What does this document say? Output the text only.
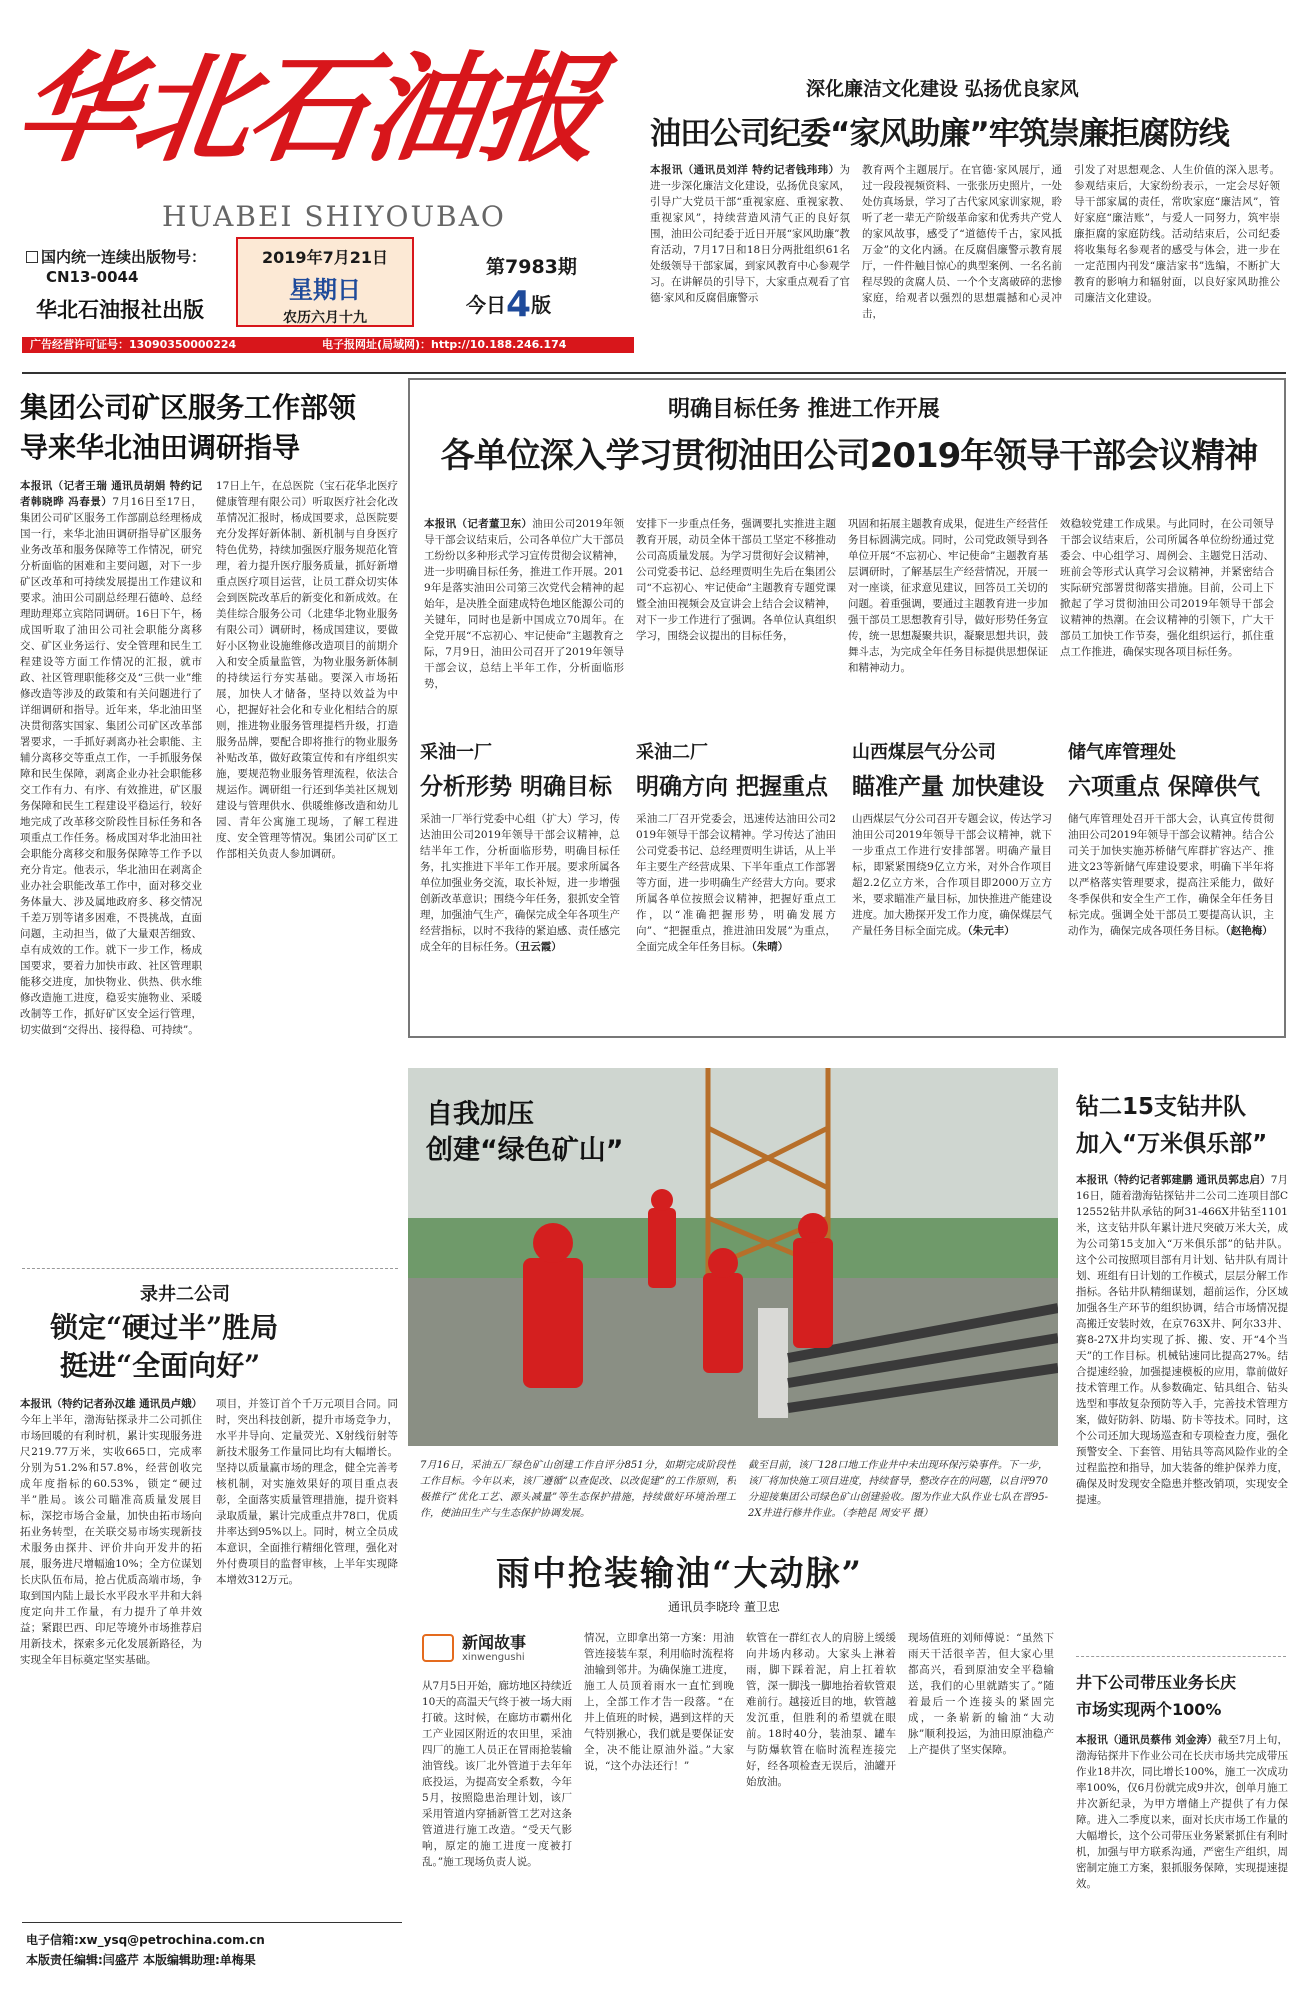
华北石油报
HUABEI SHIYOUBAO
国内统一连续出版物号：
CN13-0044
华北石油报社出版
2019年7月21日
星期日
农历六月十九
第7983期
今日4版
广告经营许可证号：13090350000224	电子报网址(局域网)：http://10.188.246.174
深化廉洁文化建设 弘扬优良家风
油田公司纪委“家风助廉”牢筑崇廉拒腐防线
本报讯（通讯员刘洋 特约记者钱玮玮）为进一步深化廉洁文化建设，弘扬优良家风，引导广大党员干部“重视家庭、重视家教、重视家风”，持续营造风清气正的良好氛围，油田公司纪委于近日开展“家风助廉”教育活动，7月17日和18日分两批组织61名处级领导干部家属，到家风教育中心参观学习。在讲解员的引导下，大家重点观看了官德·家风和反腐倡廉警示
教育两个主题展厅。在官德·家风展厅，通过一段段视频资料、一张张历史照片，一处处仿真场景，学习了古代家风家训家规，聆听了老一辈无产阶级革命家和优秀共产党人的家风故事，感受了“道德传千古，家风抵万金”的文化内涵。在反腐倡廉警示教育展厅，一件件触目惊心的典型案例、一名名前程尽毁的贪腐人员、一个个支离破碎的悲惨家庭，给观者以强烈的思想震撼和心灵冲击，
引发了对思想观念、人生价值的深入思考。参观结束后，大家纷纷表示，一定会尽好领导干部家属的责任，常吹家庭“廉洁风”，管好家庭“廉洁账”，与爱人一同努力，筑牢崇廉拒腐的家庭防线。活动结束后，公司纪委将收集每名参观者的感受与体会，进一步在一定范围内刊发“廉洁家书”选编，不断扩大教育的影响力和辐射面，以良好家风助推公司廉洁文化建设。
集团公司矿区服务工作部领导来华北油田调研指导
本报讯（记者王瑞 通讯员胡娟 特约记者韩晓晔 冯春景）7月16日至17日，集团公司矿区服务工作部副总经理杨成国一行，来华北油田调研指导矿区服务业务改革和服务保障等工作情况，研究分析面临的困难和主要问题，对下一步矿区改革和可持续发展提出工作建议和要求。油田公司副总经理石德岭、总经理助理郑立宾陪同调研。16日下午，杨成国听取了油田公司社会职能分离移交、矿区业务运行、安全管理和民生工程建设等方面工作情况的汇报，就市政、社区管理职能移交及“三供一业”维修改造等涉及的政策和有关问题进行了详细调研和指导。近年来，华北油田坚决贯彻落实国家、集团公司矿区改革部署要求，一手抓好剥离办社会职能、主辅分离移交等重点工作，一手抓服务保障和民生保障，剥离企业办社会职能移交工作有力、有序、有效推进，矿区服务保障和民生工程建设平稳运行，较好地完成了改革移交阶段性目标任务和各项重点工作任务。杨成国对华北油田社会职能分离移交和服务保障等工作予以充分肯定。他表示，华北油田在剥离企业办社会职能改革工作中，面对移交业务体量大、涉及属地政府多、移交情况千差万别等诸多困难，不畏挑战，直面问题，主动担当，做了大量艰苦细致、卓有成效的工作。就下一步工作，杨成国要求，要着力加快市政、社区管理职能移交进度，加快物业、供热、供水维修改造施工进度，稳妥实施物业、采暖改制等工作，抓好矿区安全运行管理，切实做到“交得出、接得稳、可持续”。
17日上午，在总医院（宝石花华北医疗健康管理有限公司）听取医疗社会化改革情况汇报时，杨成国要求，总医院要充分发挥好新体制、新机制与自身医疗特色优势，持续加强医疗服务规范化管理，着力提升医疗服务质量，抓好新增重点医疗项目运营，让员工群众切实体会到医院改革后的新变化和新成效。在美佳综合服务公司（北建华北物业服务有限公司）调研时，杨成国建议，要做好小区物业设施维修改造项目的前期介入和安全质量监管，为物业服务新体制的持续运行夯实基础。要深入市场拓展，加快人才储备，坚持以效益为中心，把握好社会化和专业化相结合的原则，推进物业服务管理提档升级，打造服务品牌，要配合即将推行的物业服务补贴改革，做好政策宣传和有序组织实施，要规范物业服务管理流程，依法合规运作。调研组一行还到华美社区规划建设与管理供水、供暖维修改造和幼儿园、青年公寓施工现场，了解工程进度、安全管理等情况。集团公司矿区工作部相关负责人参加调研。
录井二公司
锁定“硬过半”胜局
挺进“全面向好”
本报讯（特约记者孙汉雄 通讯员卢娥）今年上半年，渤海钻探录井二公司抓住市场回暖的有利时机，累计实现服务进尺219.77万米，实收665口，完成率分别为51.2%和57.8%，经营创收完成年度指标的60.53%，锁定“硬过半”胜局。该公司瞄准高质量发展目标，深挖市场合金量，加快由拓市场向拓业务转型，在关联交易市场实现新技术服务由探井、评价井向开发井的拓展，服务进尺增幅逾10%；全方位谋划长庆队伍布局，抢占优质高端市场，争取到国内陆上最长水平段水平井和大斜度定向井工作量，有力提升了单井效益；紧跟巴西、印尼等境外市场推荐启用新技术，探索多元化发展新路径，为实现全年目标奠定坚实基础。
项目，并签订首个千万元项目合同。同时，突出科技创新，提升市场竞争力，水平井导向、定量荧光、X射线衍射等新技术服务工作量同比均有大幅增长。坚持以质量赢市场的理念，健全完善考核机制，对实施效果好的项目重点表彰，全面落实质量管理措施，提升资料录取质量，累计完成重点井78口，优质井率达到95%以上。同时，树立全员成本意识，全面推行精细化管理，强化对外付费项目的监督审核，上半年实现降本增效312万元。
明确目标任务 推进工作开展
各单位深入学习贯彻油田公司2019年领导干部会议精神
本报讯（记者董卫东）油田公司2019年领导干部会议结束后，公司各单位广大干部员工纷纷以多种形式学习宣传贯彻会议精神，进一步明确目标任务，推进工作开展。2019年是落实油田公司第三次党代会精神的起始年，是决胜全面建成特色地区能源公司的关键年，同时也是新中国成立70周年。在全党开展“不忘初心、牢记使命”主题教育之际，7月9日，油田公司召开了2019年领导干部会议，总结上半年工作，分析面临形势，
安排下一步重点任务，强调要扎实推进主题教育开展，动员全体干部员工坚定不移推动公司高质量发展。为学习贯彻好会议精神，公司党委书记、总经理贾明生先后在集团公司“不忘初心、牢记使命”主题教育专题党课暨全油田视频会及宣讲会上结合会议精神，对下一步工作进行了强调。各单位认真组织学习，围绕会议提出的目标任务，
巩固和拓展主题教育成果，促进生产经营任务目标圆满完成。同时，公司党政领导到各单位开展“不忘初心、牢记使命”主题教育基层调研时，了解基层生产经营情况，开展一对一座谈，征求意见建议，回答员工关切的问题。着重强调，要通过主题教育进一步加强干部员工思想教育引导，做好形势任务宣传，统一思想凝聚共识，凝聚思想共识，鼓舞斗志，为完成全年任务目标提供思想保证和精神动力。
效稳较党建工作成果。与此同时，在公司领导干部会议结束后，公司所属各单位纷纷通过党委会、中心组学习、周例会、主题党日活动、班前会等形式认真学习会议精神，并紧密结合实际研究部署贯彻落实措施。目前，公司上下掀起了学习贯彻油田公司2019年领导干部会议精神的热潮。在会议精神的引领下，广大干部员工加快工作节奏，强化组织运行，抓住重点工作推进，确保实现各项目标任务。
采油一厂
分析形势 明确目标
采油一厂举行党委中心组（扩大）学习，传达油田公司2019年领导干部会议精神，总结半年工作，分析面临形势，明确目标任务，扎实推进下半年工作开展。要求所属各单位加强业务交流，取长补短，进一步增强创新改革意识；围绕今年任务，狠抓安全管理，加强油气生产，确保完成全年各项生产经营指标，以时不我待的紧迫感、责任感完成全年的目标任务。（丑云霞）
采油二厂
明确方向 把握重点
采油二厂召开党委会，迅速传达油田公司2019年领导干部会议精神。学习传达了油田公司党委书记、总经理贾明生讲话，从上半年主要生产经营成果、下半年重点工作部署等方面，进一步明确生产经营大方向。要求所属各单位按照会议精神，把握好重点工作，以“准确把握形势，明确发展方向”、“把握重点，推进油田发展”为重点，全面完成全年任务目标。（朱晴）
山西煤层气分公司
瞄准产量 加快建设
山西煤层气分公司召开专题会议，传达学习油田公司2019年领导干部会议精神，就下一步重点工作进行安排部署。明确产量目标，即紧紧围绕9亿立方米，对外合作项目超2.2亿立方米，合作项目即2000万立方米，要求瞄准产量目标，加快推进产能建设进度。加大勘探开发工作力度，确保煤层气产量任务目标全面完成。（朱元丰）
储气库管理处
六项重点 保障供气
储气库管理处召开干部大会，认真宣传贯彻油田公司2019年领导干部会议精神。结合公司关于加快实施苏桥储气库群扩容达产、推进文23等新储气库建设要求，明确下半年将以严格落实管理要求，提高注采能力，做好冬季保供和安全生产工作，确保全年任务目标完成。强调全处干部员工要提高认识，主动作为，确保完成各项任务目标。（赵艳梅）
自我加压
创建“绿色矿山”
7月16日，采油五厂绿色矿山创建工作自评分851分，如期完成阶段性工作目标。今年以来，该厂遵循“以查促改、以改促建”的工作原则，积极推行“优化工艺、源头减量”等生态保护措施，持续做好环境治理工作，使油田生产与生态保护协调发展。
截至目前，该厂128口地工作业井中未出现环保污染事件。下一步，该厂将加快施工项目进度，持续督导，整改存在的问题，以自评970分迎接集团公司绿色矿山创建验收。图为作业大队作业七队在晋95-2X井进行修井作业。（李艳昆 周安平 摄）
钻二15支钻井队
加入“万米俱乐部”
本报讯（特约记者郭建鹏 通讯员郭忠启）7月16日，随着渤海钻探钻井二公司二连项目部C12552钻井队承钻的阿31-466X井钻至1101米，这支钻井队年累计进尺突破万米大关，成为公司第15支加入“万米俱乐部”的钻井队。这个公司按照项目部有月计划、钻井队有周计划、班组有日计划的工作模式，层层分解工作指标。各钻井队精细谋划，超前运作，分区域加强各生产环节的组织协调，结合市场情况提高搬迁安装时效，在京763X井、阿尔33井、赛8-27X井均实现了拆、搬、安、开“4个当天”的工作目标。机械钻速同比提高27%。结合提速经验，加强提速模板的应用，靠前做好技术管理工作。从参数确定、钻具组合、钻头选型和事故复杂预防等入手，完善技术管理方案，做好防斜、防塌、防卡等技术。同时，这个公司还加大现场巡查和专项检查力度，强化预警安全、下套管、用钻具等高风险作业的全过程监控和指导，加大装备的维护保养力度，确保及时发现安全隐患并整改销项，实现安全提速。
井下公司带压业务长庆
市场实现两个100%
本报讯（通讯员蔡伟 刘金涛）截至7月上旬，渤海钻探井下作业公司在长庆市场共完成带压作业18井次，同比增长100%，施工一次成功率100%，仅6月份就完成9井次，创单月施工井次新纪录，为甲方增储上产提供了有力保障。进入二季度以来，面对长庆市场工作量的大幅增长，这个公司带压业务紧紧抓住有利时机，加强与甲方联系沟通，严密生产组织，周密制定施工方案，狠抓服务保障，实现提速提效。
雨中抢装输油“大动脉”
通讯员李晓玲 董卫忠
新闻故事
xinwengushi
从7月5日开始，廊坊地区持续近10天的高温天气终于被一场大雨打破。这时候，在廊坊市霸州化工产业园区附近的农田里，采油四厂的施工人员正在冒雨抢装输油管线。该厂北外管道于去年年底投运，为提高安全系数，今年5月，按照隐患治理计划，该厂采用管道内穿插新管工艺对这条管道进行施工改造。“受天气影响，原定的施工进度一度被打乱。”施工现场负责人说。
情况，立即拿出第一方案：用油管连接装车泵，利用临时流程将油输到邻井。为确保施工进度，施工人员顶着雨水一直忙到晚上，全部工作才告一段落。“在井上值班的时候，遇到这样的天气特别揪心，我们就是要保证安全，决不能让原油外溢。”大家说，“这个办法还行！”
软管在一群红衣人的肩膀上缓缓向井场内移动。大家头上淋着雨，脚下踩着泥，肩上扛着软管，深一脚浅一脚地抬着软管艰难前行。越接近目的地，软管越发沉重，但胜利的希望就在眼前。18时40分，装油泵、罐车与防爆软管在临时流程连接完好，经各项检查无误后，油罐开始放油。
现场值班的刘师傅说：“虽然下雨天干活很辛苦，但大家心里都高兴，看到原油安全平稳输送，我们的心里就踏实了。”随着最后一个连接头的紧固完成，一条崭新的输油“大动脉”顺利投运，为油田原油稳产上产提供了坚实保障。
电子信箱:xw_ysq@petrochina.com.cn
本版责任编辑:闫盛芹 本版编辑助理:单梅果
